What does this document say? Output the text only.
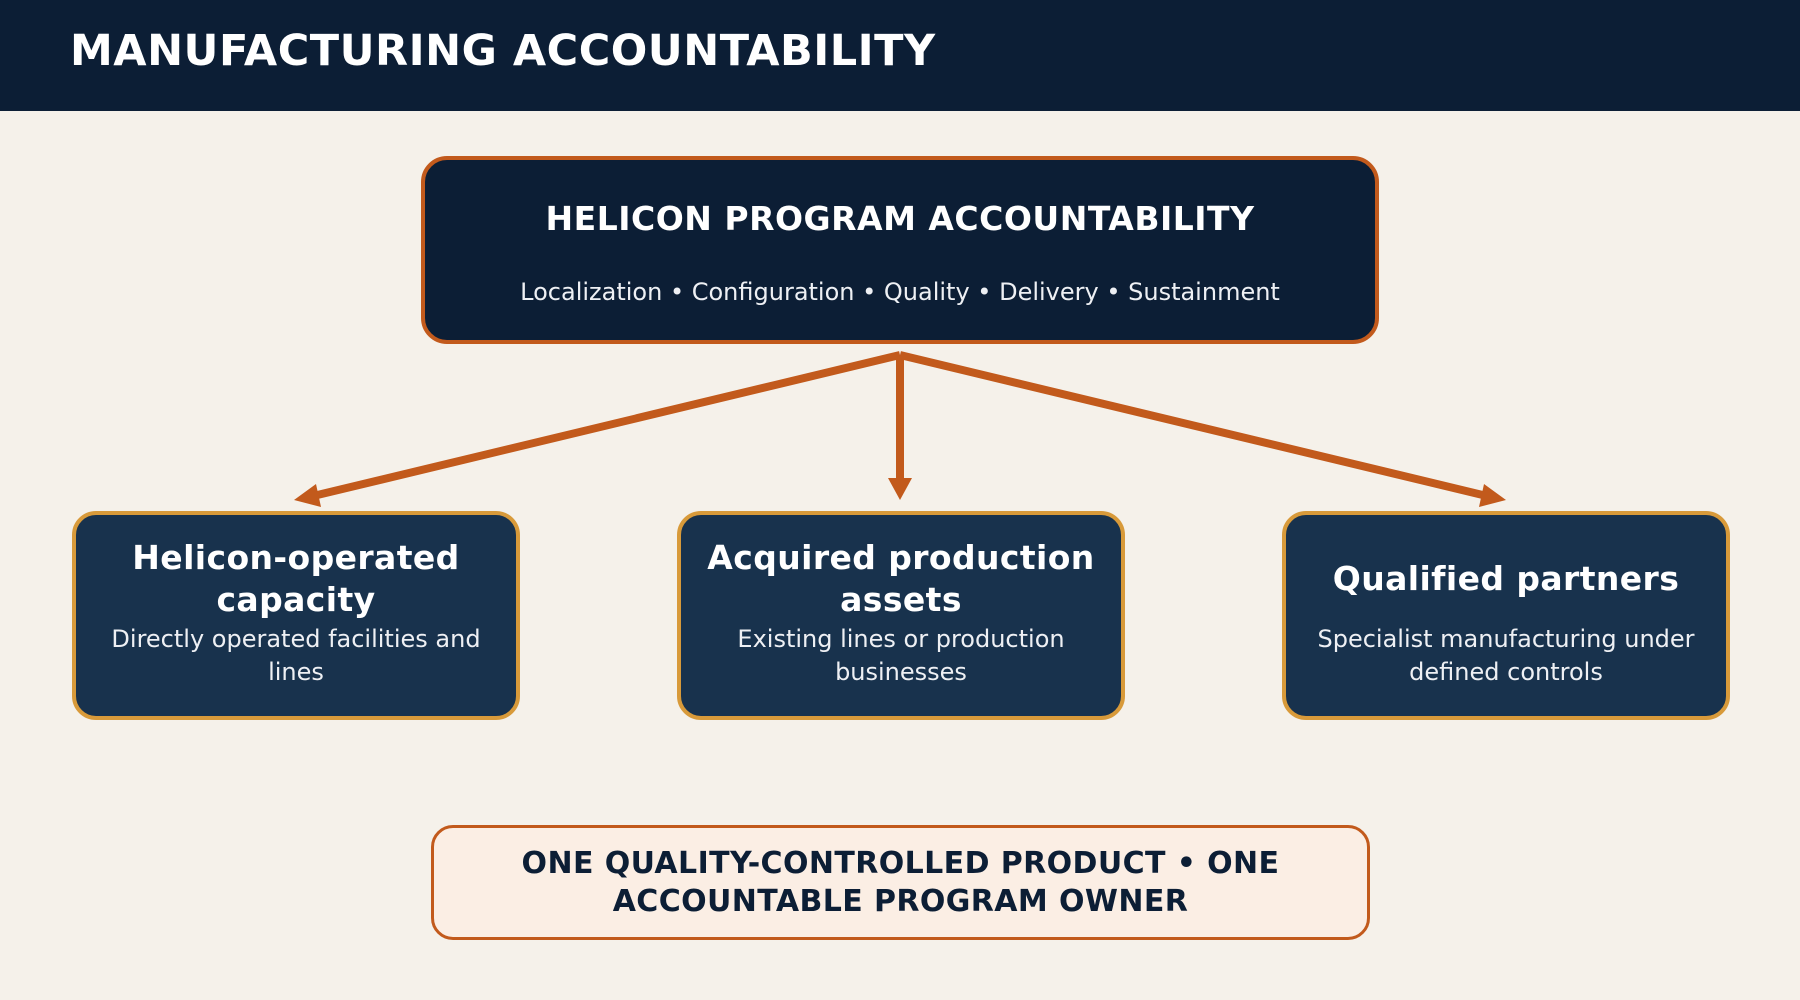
MANUFACTURING ACCOUNTABILITY
HELICON PROGRAM ACCOUNTABILITY
Localization • Configuration • Quality • Delivery • Sustainment
Helicon-operated capacity
Directly operated facilities and lines
Acquired production assets
Existing lines or production businesses
Qualified partners
Specialist manufacturing under defined controls
ONE QUALITY-CONTROLLED PRODUCT • ONE ACCOUNTABLE PROGRAM OWNER
